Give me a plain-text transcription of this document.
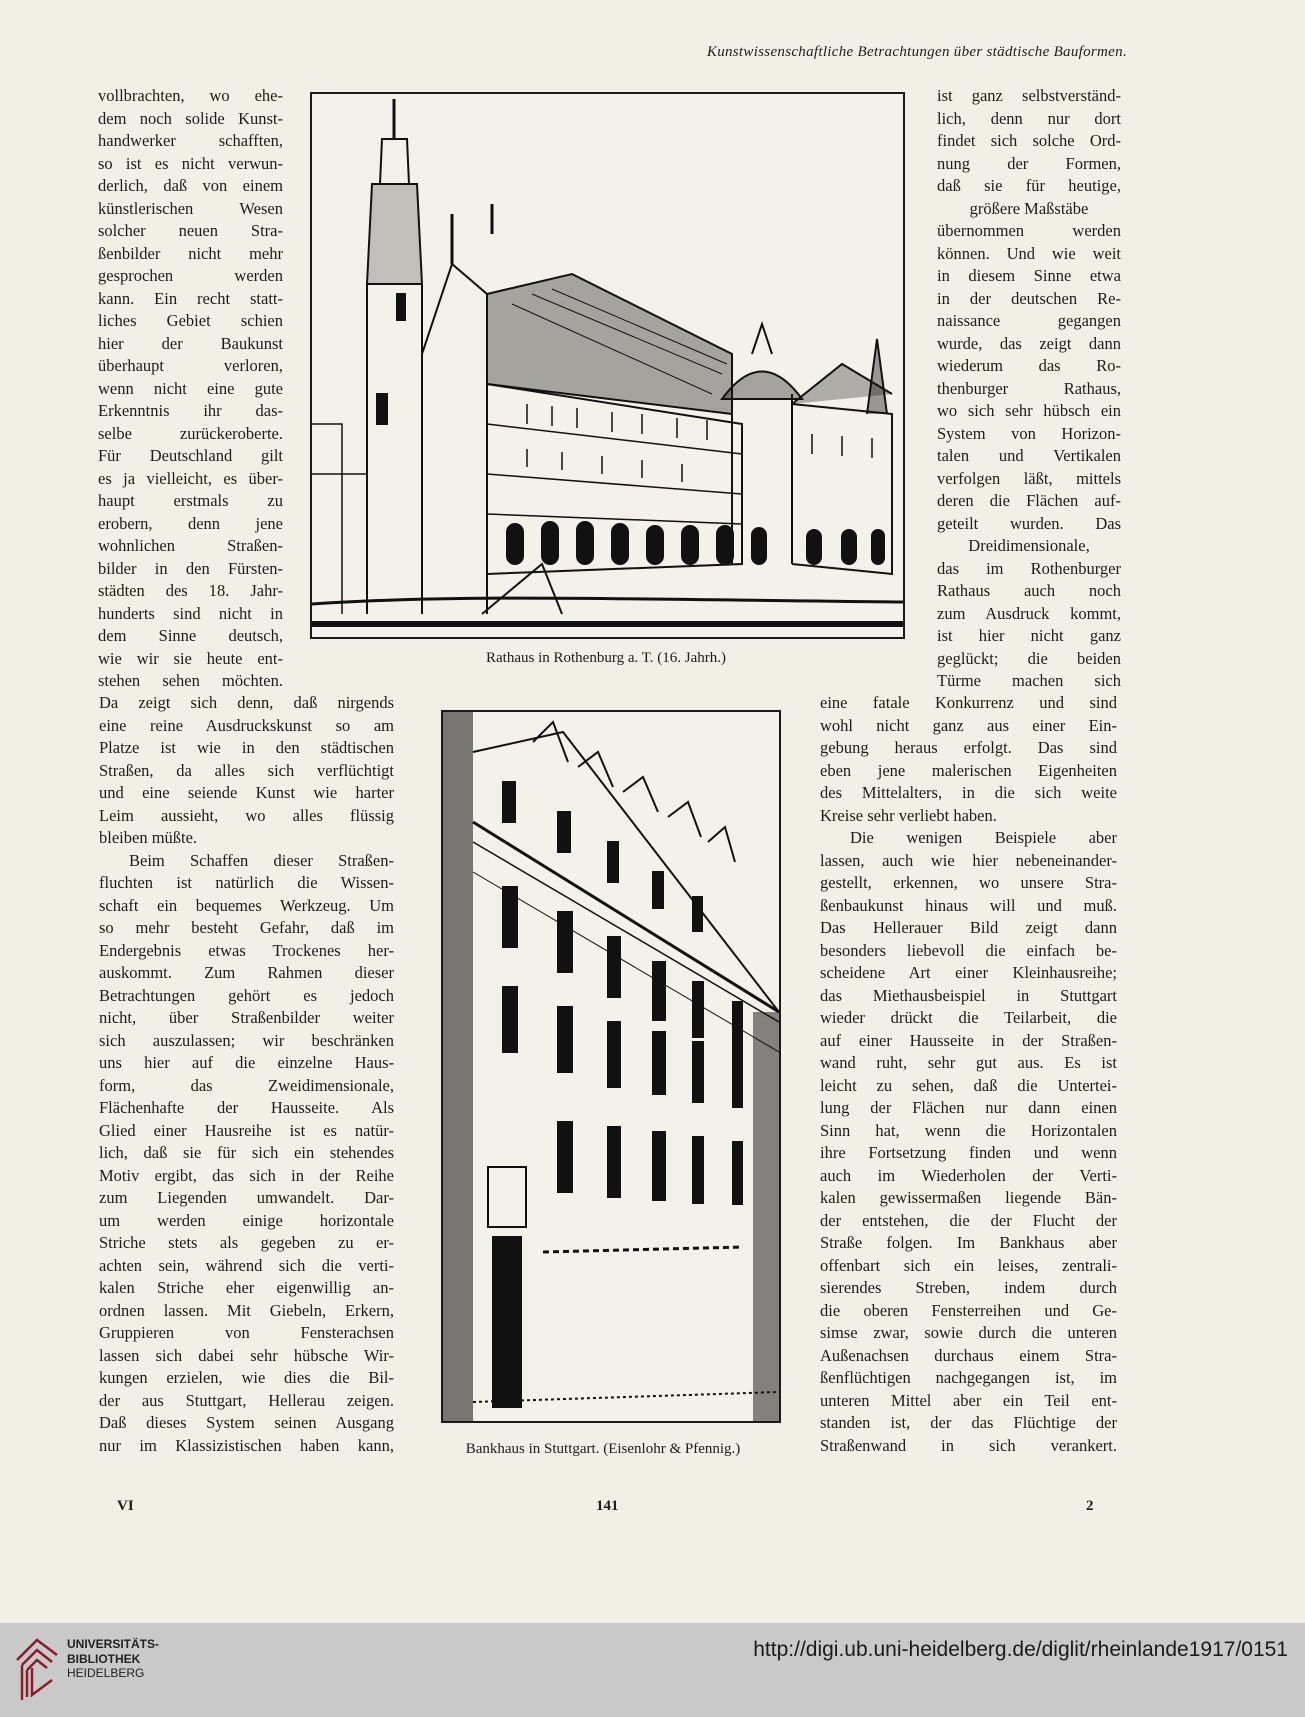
Kunstwissenschaftliche Betrachtungen über städtische Bauformen.
vollbrachten, wo ehe-
dem noch solide Kunst-
handwerker schafften,
so ist es nicht verwun-
derlich, daß von einem
künstlerischen Wesen
solcher neuen Stra-
ßenbilder nicht mehr
gesprochen werden
kann. Ein recht statt-
liches Gebiet schien
hier der Baukunst
überhaupt verloren,
wenn nicht eine gute
Erkenntnis ihr das-
selbe zurückeroberte.
Für Deutschland gilt
es ja vielleicht, es über-
haupt erstmals zu
erobern, denn jene
wohnlichen Straßen-
bilder in den Fürsten-
städten des 18. Jahr-
hunderts sind nicht in
dem Sinne deutsch,
wie wir sie heute ent-
stehen sehen möchten.
ist ganz selbstverständ-
lich, denn nur dort
findet sich solche Ord-
nung der Formen,
daß sie für heutige,
größere Maßstäbe
übernommen werden
können. Und wie weit
in diesem Sinne etwa
in der deutschen Re-
naissance gegangen
wurde, das zeigt dann
wiederum das Ro-
thenburger Rathaus,
wo sich sehr hübsch ein
System von Horizon-
talen und Vertikalen
verfolgen läßt, mittels
deren die Flächen auf-
geteilt wurden. Das
Dreidimensionale,
das im Rothenburger
Rathaus auch noch
zum Ausdruck kommt,
ist hier nicht ganz
geglückt; die beiden
Türme machen sich
Da zeigt sich denn, daß nirgends
eine reine Ausdruckskunst so am
Platze ist wie in den städtischen
Straßen, da alles sich verflüchtigt
und eine seiende Kunst wie harter
Leim aussieht, wo alles flüssig
bleiben müßte.
Beim Schaffen dieser Straßen-
fluchten ist natürlich die Wissen-
schaft ein bequemes Werkzeug. Um
so mehr besteht Gefahr, daß im
Endergebnis etwas Trockenes her-
auskommt. Zum Rahmen dieser
Betrachtungen gehört es jedoch
nicht, über Straßenbilder weiter
sich auszulassen; wir beschränken
uns hier auf die einzelne Haus-
form, das Zweidimensionale,
Flächenhafte der Hausseite. Als
Glied einer Hausreihe ist es natür-
lich, daß sie für sich ein stehendes
Motiv ergibt, das sich in der Reihe
zum Liegenden umwandelt. Dar-
um werden einige horizontale
Striche stets als gegeben zu er-
achten sein, während sich die verti-
kalen Striche eher eigenwillig an-
ordnen lassen. Mit Giebeln, Erkern,
Gruppieren von Fensterachsen
lassen sich dabei sehr hübsche Wir-
kungen erzielen, wie dies die Bil-
der aus Stuttgart, Hellerau zeigen.
Daß dieses System seinen Ausgang
nur im Klassizistischen haben kann,
eine fatale Konkurrenz und sind
wohl nicht ganz aus einer Ein-
gebung heraus erfolgt. Das sind
eben jene malerischen Eigenheiten
des Mittelalters, in die sich weite
Kreise sehr verliebt haben.
Die wenigen Beispiele aber
lassen, auch wie hier nebeneinander-
gestellt, erkennen, wo unsere Stra-
ßenbaukunst hinaus will und muß.
Das Hellerauer Bild zeigt dann
besonders liebevoll die einfach be-
scheidene Art einer Kleinhausreihe;
das Miethausbeispiel in Stuttgart
wieder drückt die Teilarbeit, die
auf einer Hausseite in der Straßen-
wand ruht, sehr gut aus. Es ist
leicht zu sehen, daß die Untertei-
lung der Flächen nur dann einen
Sinn hat, wenn die Horizontalen
ihre Fortsetzung finden und wenn
auch im Wiederholen der Verti-
kalen gewissermaßen liegende Bän-
der entstehen, die der Flucht der
Straße folgen. Im Bankhaus aber
offenbart sich ein leises, zentrali-
sierendes Streben, indem durch
die oberen Fensterreihen und Ge-
simse zwar, sowie durch die unteren
Außenachsen durchaus einem Stra-
ßenflüchtigen nachgegangen ist, im
unteren Mittel aber ein Teil ent-
standen ist, der das Flüchtige der
Straßenwand in sich verankert.
Rathaus in Rothenburg a. T. (16. Jahrh.)
Bankhaus in Stuttgart. (Eisenlohr & Pfennig.)
VI	141	2
UNIVERSITÄTS-
BIBLIOTHEK
HEIDELBERG
http://digi.ub.uni-heidelberg.de/diglit/rheinlande1917/0151
